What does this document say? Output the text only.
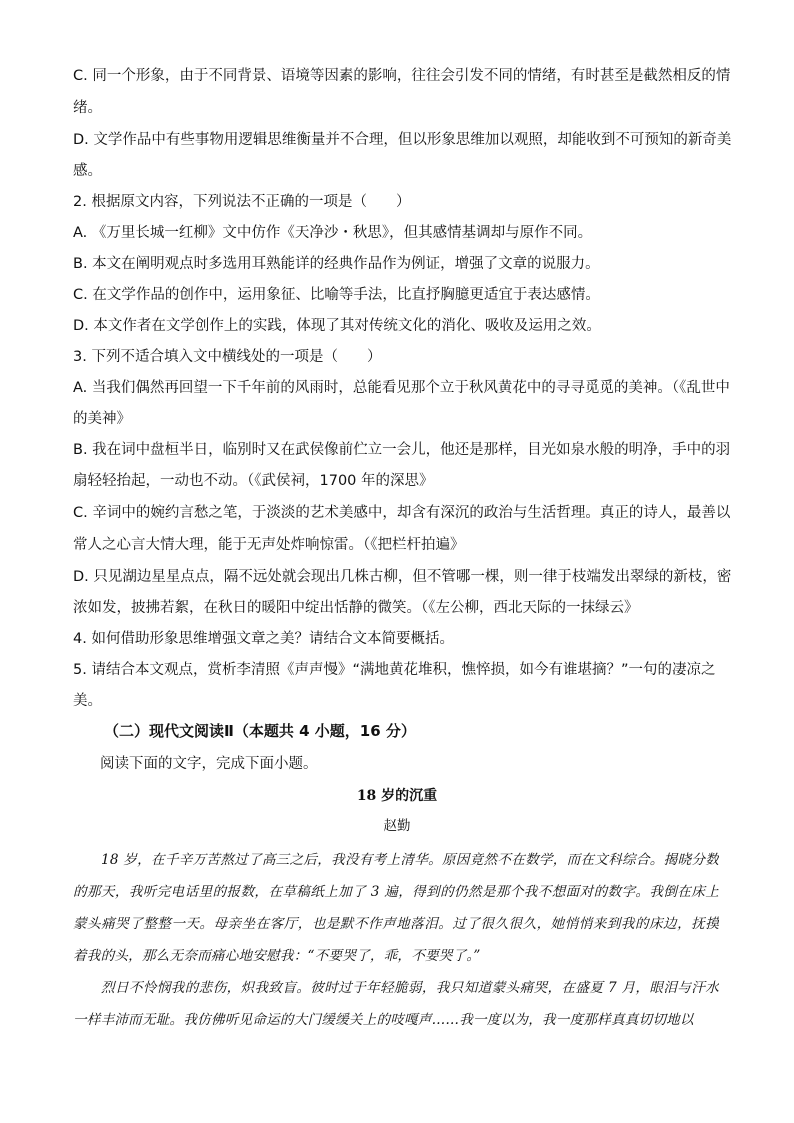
C. 同一个形象，由于不同背景、语境等因素的影响，往往会引发不同的情绪，有时甚至是截然相反的情
绪。
D. 文学作品中有些事物用逻辑思维衡量并不合理，但以形象思维加以观照，却能收到不可预知的新奇美
感。
2. 根据原文内容，下列说法不正确的一项是（　　）
A. 《万里长城一红柳》文中仿作《天净沙・秋思》，但其感情基调却与原作不同。
B. 本文在阐明观点时多选用耳熟能详的经典作品作为例证，增强了文章的说服力。
C. 在文学作品的创作中，运用象征、比喻等手法，比直抒胸臆更适宜于表达感情。
D. 本文作者在文学创作上的实践，体现了其对传统文化的消化、吸收及运用之效。
3. 下列不适合填入文中横线处的一项是（　　）
A. 当我们偶然再回望一下千年前的风雨时，总能看见那个立于秋风黄花中的寻寻觅觅的美神。（《乱世中
的美神》
B. 我在词中盘桓半日，临别时又在武侯像前伫立一会儿，他还是那样，目光如泉水般的明净，手中的羽
扇轻轻抬起，一动也不动。（《武侯祠，1700 年的深思》
C. 辛词中的婉约言愁之笔，于淡淡的艺术美感中，却含有深沉的政治与生活哲理。真正的诗人，最善以
常人之心言大情大理，能于无声处炸响惊雷。（《把栏杆拍遍》
D. 只见湖边星星点点，隔不远处就会现出几株古柳，但不管哪一棵，则一律于枝端发出翠绿的新枝，密
浓如发，披拂若絮，在秋日的暖阳中绽出恬静的微笑。（《左公柳，西北天际的一抹绿云》
4. 如何借助形象思维增强文章之美？请结合文本简要概括。
5. 请结合本文观点，赏析李清照《声声慢》“满地黄花堆积，憔悴损，如今有谁堪摘？”一句的凄凉之
美。
（二）现代文阅读Ⅱ（本题共 4 小题，16 分）
阅读下面的文字，完成下面小题。
18 岁的沉重
赵勤
18 岁，在千辛万苦熬过了高三之后，我没有考上清华。原因竟然不在数学，而在文科综合。揭晓分数的那天，我听完电话里的报数，在草稿纸上加了 3 遍，得到的仍然是那个我不想面对的数字。我倒在床上蒙头痛哭了整整一天。母亲坐在客厅，也是默不作声地落泪。过了很久很久，她悄悄来到我的床边，抚摸着我的头，那么无奈而痛心地安慰我：“不要哭了，乖，不要哭了。”
烈日不怜悯我的悲伤，炽我致盲。彼时过于年轻脆弱，我只知道蒙头痛哭，在盛夏 7 月，眼泪与汗水一样丰沛而无耻。我仿佛听见命运的大门缓缓关上的吱嘎声……我一度以为，我一度那样真真切切地以
